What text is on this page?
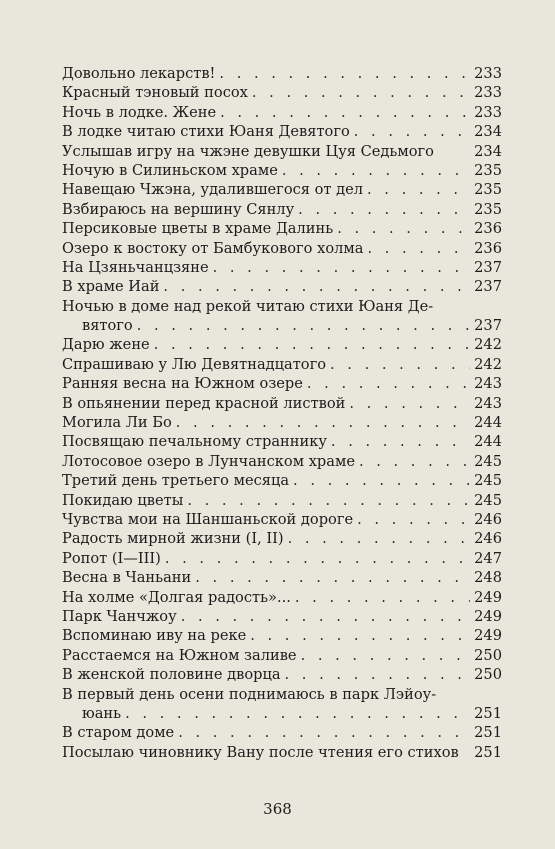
Довольно лекарств! . . .	233
Красный тэновый посох . . .	233
Ночь в лодке. Жене . . .	233
В лодке читаю стихи Юаня Девятого . . .	234
Услышав игру на чжэне девушки Цуя Седьмого	234
Ночую в Силиньском храме . . .	235
Навещаю Чжэна, удалившегося от дел . . .	235
Взбираюсь на вершину Сянлу . . .	235
Персиковые цветы в храме Далинь . . .	236
Озеро к востоку от Бамбукового холма . . .	236
На Цзяньчанцзяне . . .	237
В храме Иай . . .	237
Ночью в доме над рекой читаю стихи Юаня Де-
вятого . . .	237
Дарю жене . . .	242
Спрашиваю у Лю Девятнадцатого . . .	242
Ранняя весна на Южном озере . . .	243
В опьянении перед красной листвой . . .	243
Могила Ли Бо . . .	244
Посвящаю печальному страннику . . .	244
Лотосовое озеро в Лунчанском храме . . .	245
Третий день третьего месяца . . .	245
Покидаю цветы . . .	245
Чувства мои на Шаншаньской дороге . . .	246
Радость мирной жизни (I, II) . . .	246
Ропот (I—III) . . .	247
Весна в Чаньани . . .	248
На холме «Долгая радость»... . . .	249
Парк Чанчжоу . . .	249
Вспоминаю иву на реке . . .	249
Расстаемся на Южном заливе . . .	250
В женской половине дворца . . .	250
В первый день осени поднимаюсь в парк Лэйоу-
юань . . .	251
В старом доме . . .	251
Посылаю чиновнику Вану после чтения его стихов 251
368
